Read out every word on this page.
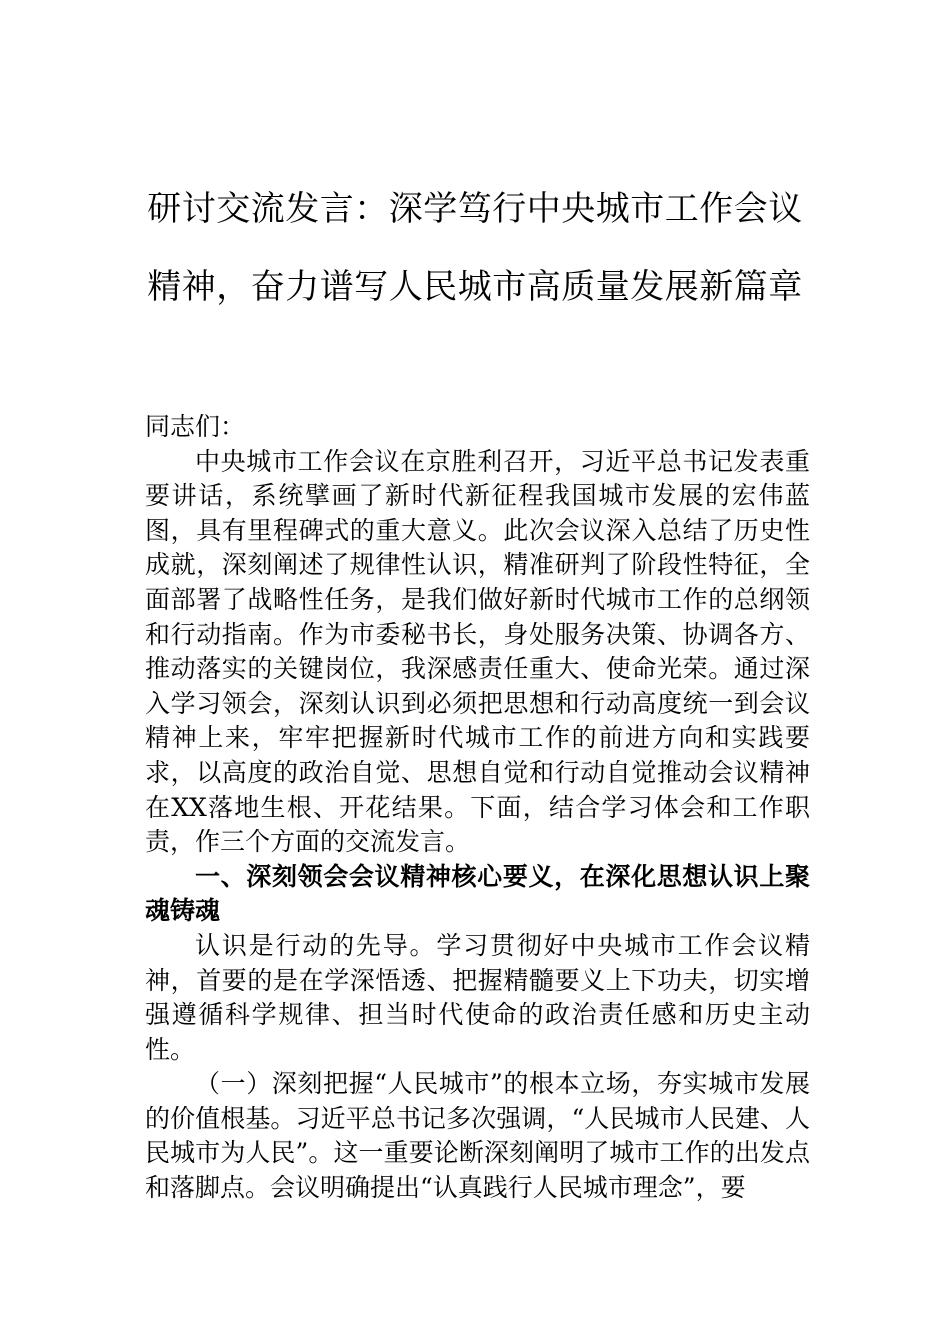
研讨交流发言：深学笃行中央城市工作会议精神，奋力谱写人民城市高质量发展新篇章

同志们：

中央城市工作会议在京胜利召开，习近平总书记发表重要讲话，系统擘画了新时代新征程我国城市发展的宏伟蓝图，具有里程碑式的重大意义。此次会议深入总结了历史性成就，深刻阐述了规律性认识，精准研判了阶段性特征，全面部署了战略性任务，是我们做好新时代城市工作的总纲领和行动指南。作为市委秘书长，身处服务决策、协调各方、推动落实的关键岗位，我深感责任重大、使命光荣。通过深入学习领会，深刻认识到必须把思想和行动高度统一到会议精神上来，牢牢把握新时代城市工作的前进方向和实践要求，以高度的政治自觉、思想自觉和行动自觉推动会议精神在XX落地生根、开花结果。下面，结合学习体会和工作职责，作三个方面的交流发言。

一、深刻领会会议精神核心要义，在深化思想认识上聚魂铸魂

认识是行动的先导。学习贯彻好中央城市工作会议精神，首要的是在学深悟透、把握精髓要义上下功夫，切实增强遵循科学规律、担当时代使命的政治责任感和历史主动性。

（一）深刻把握“人民城市”的根本立场，夯实城市发展的价值根基。习近平总书记多次强调，“人民城市人民建、人民城市为人民”。这一重要论断深刻阐明了城市工作的出发点和落脚点。会议明确提出“认真践行人民城市理念”，要
